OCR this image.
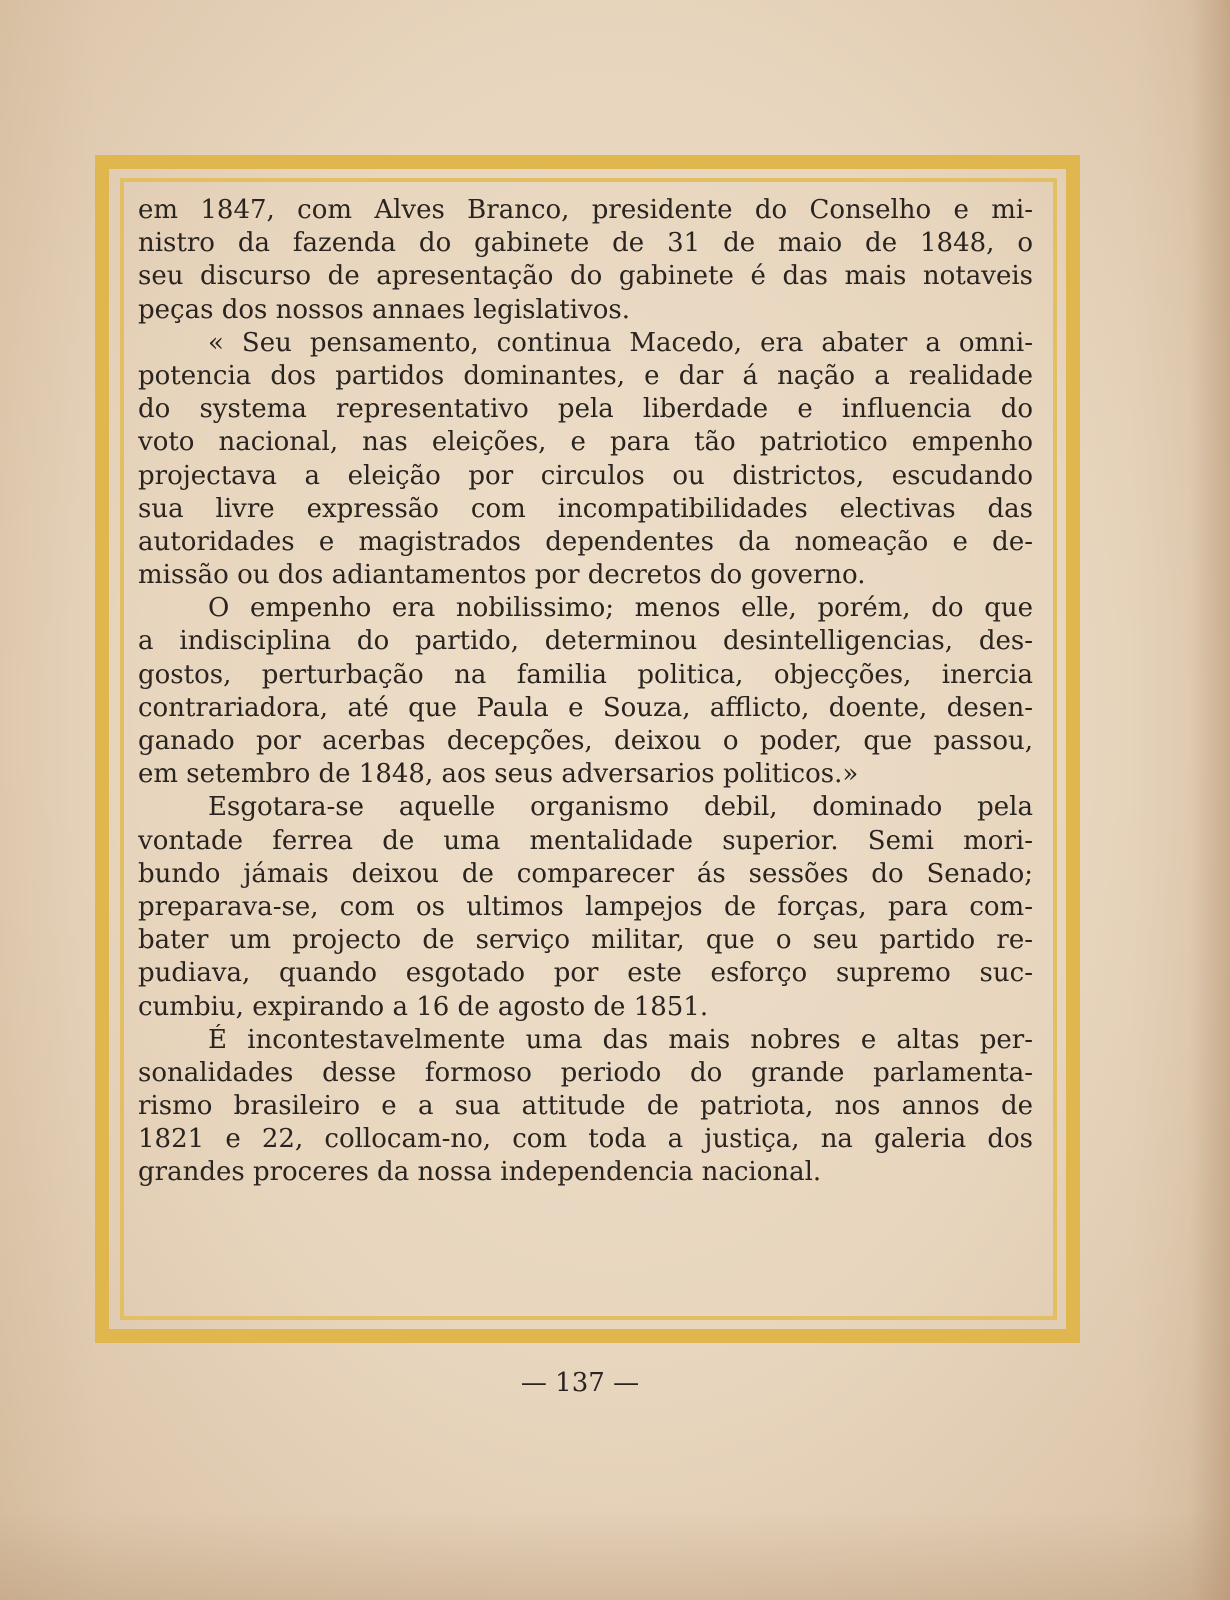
em 1847, com Alves Branco, presidente do Conselho e mi-
nistro da fazenda do gabinete de 31 de maio de 1848, o
seu discurso de apresentação do gabinete é das mais notaveis
peças dos nossos annaes legislativos.
« Seu pensamento, continua Macedo, era abater a omni-
potencia dos partidos dominantes, e dar á nação a realidade
do systema representativo pela liberdade e influencia do
voto nacional, nas eleições, e para tão patriotico empenho
projectava a eleição por circulos ou districtos, escudando
sua livre expressão com incompatibilidades electivas das
autoridades e magistrados dependentes da nomeação e de-
missão ou dos adiantamentos por decretos do governo.
O empenho era nobilissimo; menos elle, porém, do que
a indisciplina do partido, determinou desintelligencias, des-
gostos, perturbação na familia politica, objecções, inercia
contrariadora, até que Paula e Souza, afflicto, doente, desen-
ganado por acerbas decepções, deixou o poder, que passou,
em setembro de 1848, aos seus adversarios politicos.»
Esgotara-se aquelle organismo debil, dominado pela
vontade ferrea de uma mentalidade superior. Semi mori-
bundo jámais deixou de comparecer ás sessões do Senado;
preparava-se, com os ultimos lampejos de forças, para com-
bater um projecto de serviço militar, que o seu partido re-
pudiava, quando esgotado por este esforço supremo suc-
cumbiu, expirando a 16 de agosto de 1851.
É incontestavelmente uma das mais nobres e altas per-
sonalidades desse formoso periodo do grande parlamenta-
rismo brasileiro e a sua attitude de patriota, nos annos de
1821 e 22, collocam-no, com toda a justiça, na galeria dos
grandes proceres da nossa independencia nacional.
— 137 —
